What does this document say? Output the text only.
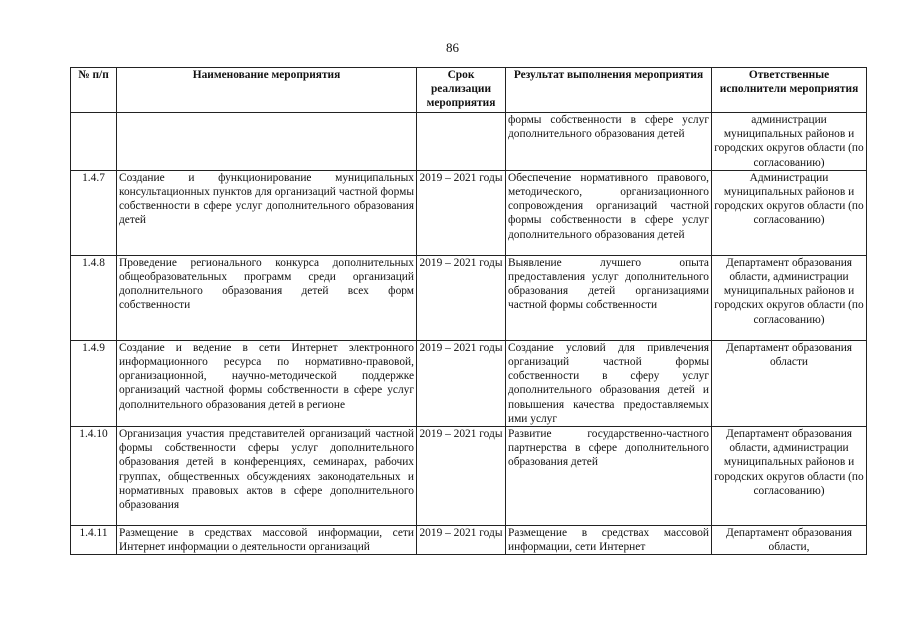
86
№ п/п	Наименование мероприятия	Срок реализации мероприятия	Результат выполнения мероприятия	Ответственные исполнители мероприятия
			формы собственности в сфере услуг дополнительного образования детей	администрации муниципальных районов и городских округов области (по согласованию)
1.4.7	Создание и функционирование муниципальных консультационных пунктов для организаций частной формы собственности в сфере услуг дополнительного образования детей	2019 – 2021 годы	Обеспечение нормативного правового, методического, организационного сопровождения организаций частной формы собственности в сфере услуг дополнительного образования детей	Администрации муниципальных районов и городских округов области (по согласованию)
1.4.8	Проведение регионального конкурса дополнительных общеобразовательных программ среди организаций дополнительного образования детей всех форм собственности	2019 – 2021 годы	Выявление лучшего опыта предоставления услуг дополнительного образования детей организациями частной формы собственности	Департамент образования области, администрации муниципальных районов и городских округов области (по согласованию)
1.4.9	Создание и ведение в сети Интернет электронного информационного ресурса по нормативно-правовой, организационной, научно-методической поддержке организаций частной формы собственности в сфере услуг дополнительного образования детей в регионе	2019 – 2021 годы	Создание условий для привлечения организаций частной формы собственности в сферу услуг дополнительного образования детей и повышения качества предоставляемых ими услуг	Департамент образования области
1.4.10	Организация участия представителей организаций частной формы собственности сферы услуг дополнительного образования детей в конференциях, семинарах, рабочих группах, общественных обсуждениях законодательных и нормативных правовых актов в сфере дополнительного образования	2019 – 2021 годы	Развитие государственно-частного партнерства в сфере дополнительного образования детей	Департамент образования области, администрации муниципальных районов и городских округов области (по согласованию)
1.4.11	Размещение в средствах массовой информации, сети Интернет информации о деятельности организаций	2019 – 2021 годы	Размещение в средствах массовой информации, сети Интернет	Департамент образования области,
